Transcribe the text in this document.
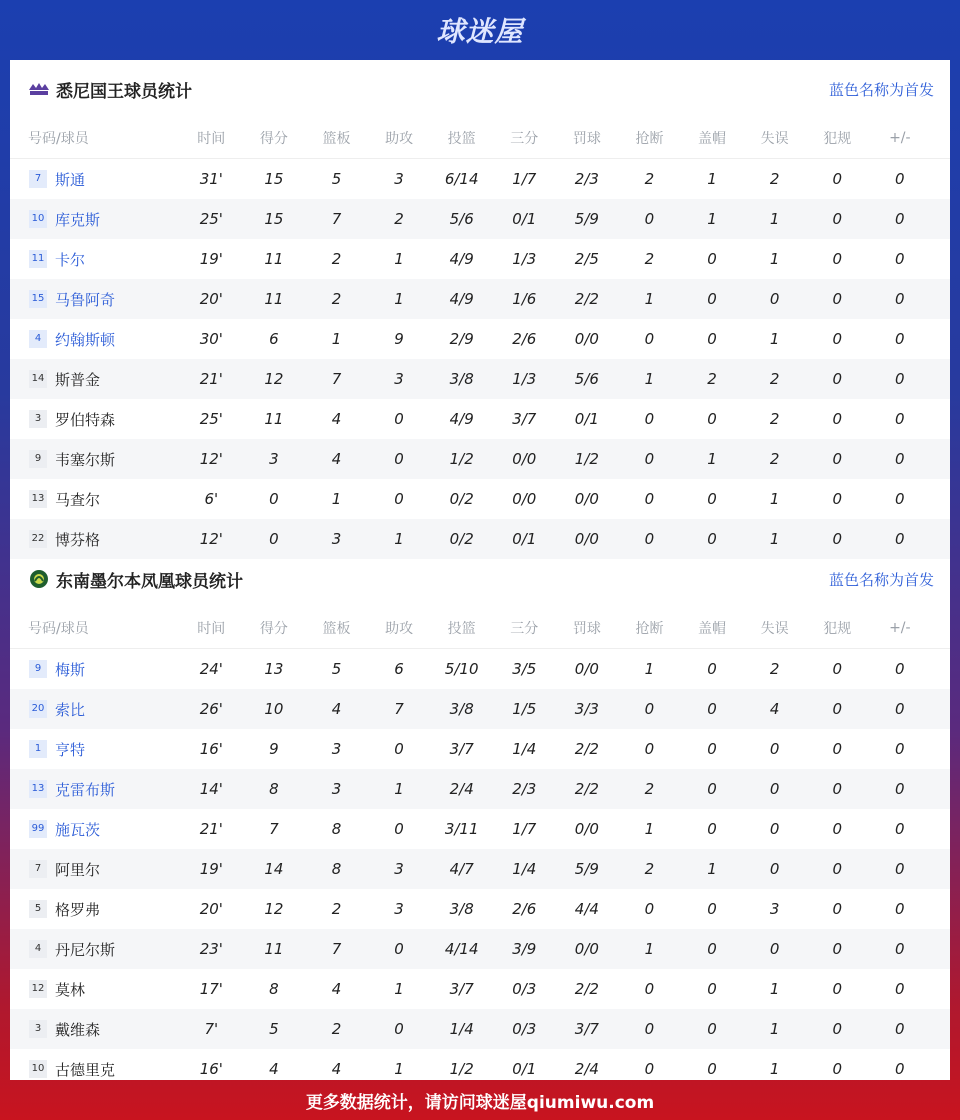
球迷屋
悉尼国王球员统计	蓝色名称为首发
号码/球员	时间	得分	篮板	助攻	投篮	三分	罚球	抢断	盖帽	失误	犯规	+/-
7 斯通	31'	15	5	3	6/14	1/7	2/3	2	1	2	0	0
10 库克斯	25'	15	7	2	5/6	0/1	5/9	0	1	1	0	0
11 卡尔	19'	11	2	1	4/9	1/3	2/5	2	0	1	0	0
15 马鲁阿奇	20'	11	2	1	4/9	1/6	2/2	1	0	0	0	0
4 约翰斯顿	30'	6	1	9	2/9	2/6	0/0	0	0	1	0	0
14 斯普金	21'	12	7	3	3/8	1/3	5/6	1	2	2	0	0
3 罗伯特森	25'	11	4	0	4/9	3/7	0/1	0	0	2	0	0
9 韦塞尔斯	12'	3	4	0	1/2	0/0	1/2	0	1	2	0	0
13 马查尔	6'	0	1	0	0/2	0/0	0/0	0	0	1	0	0
22 博芬格	12'	0	3	1	0/2	0/1	0/0	0	0	1	0	0
东南墨尔本凤凰球员统计	蓝色名称为首发
号码/球员	时间	得分	篮板	助攻	投篮	三分	罚球	抢断	盖帽	失误	犯规	+/-
9 梅斯	24'	13	5	6	5/10	3/5	0/0	1	0	2	0	0
20 索比	26'	10	4	7	3/8	1/5	3/3	0	0	4	0	0
1 亨特	16'	9	3	0	3/7	1/4	2/2	0	0	0	0	0
13 克雷布斯	14'	8	3	1	2/4	2/3	2/2	2	0	0	0	0
99 施瓦茨	21'	7	8	0	3/11	1/7	0/0	1	0	0	0	0
7 阿里尔	19'	14	8	3	4/7	1/4	5/9	2	1	0	0	0
5 格罗弗	20'	12	2	3	3/8	2/6	4/4	0	0	3	0	0
4 丹尼尔斯	23'	11	7	0	4/14	3/9	0/0	1	0	0	0	0
12 莫林	17'	8	4	1	3/7	0/3	2/2	0	0	1	0	0
3 戴维森	7'	5	2	0	1/4	0/3	3/7	0	0	1	0	0
10 古德里克	16'	4	4	1	1/2	0/1	2/4	0	0	1	0	0
更多数据统计，请访问球迷屋qiumiwu.com
